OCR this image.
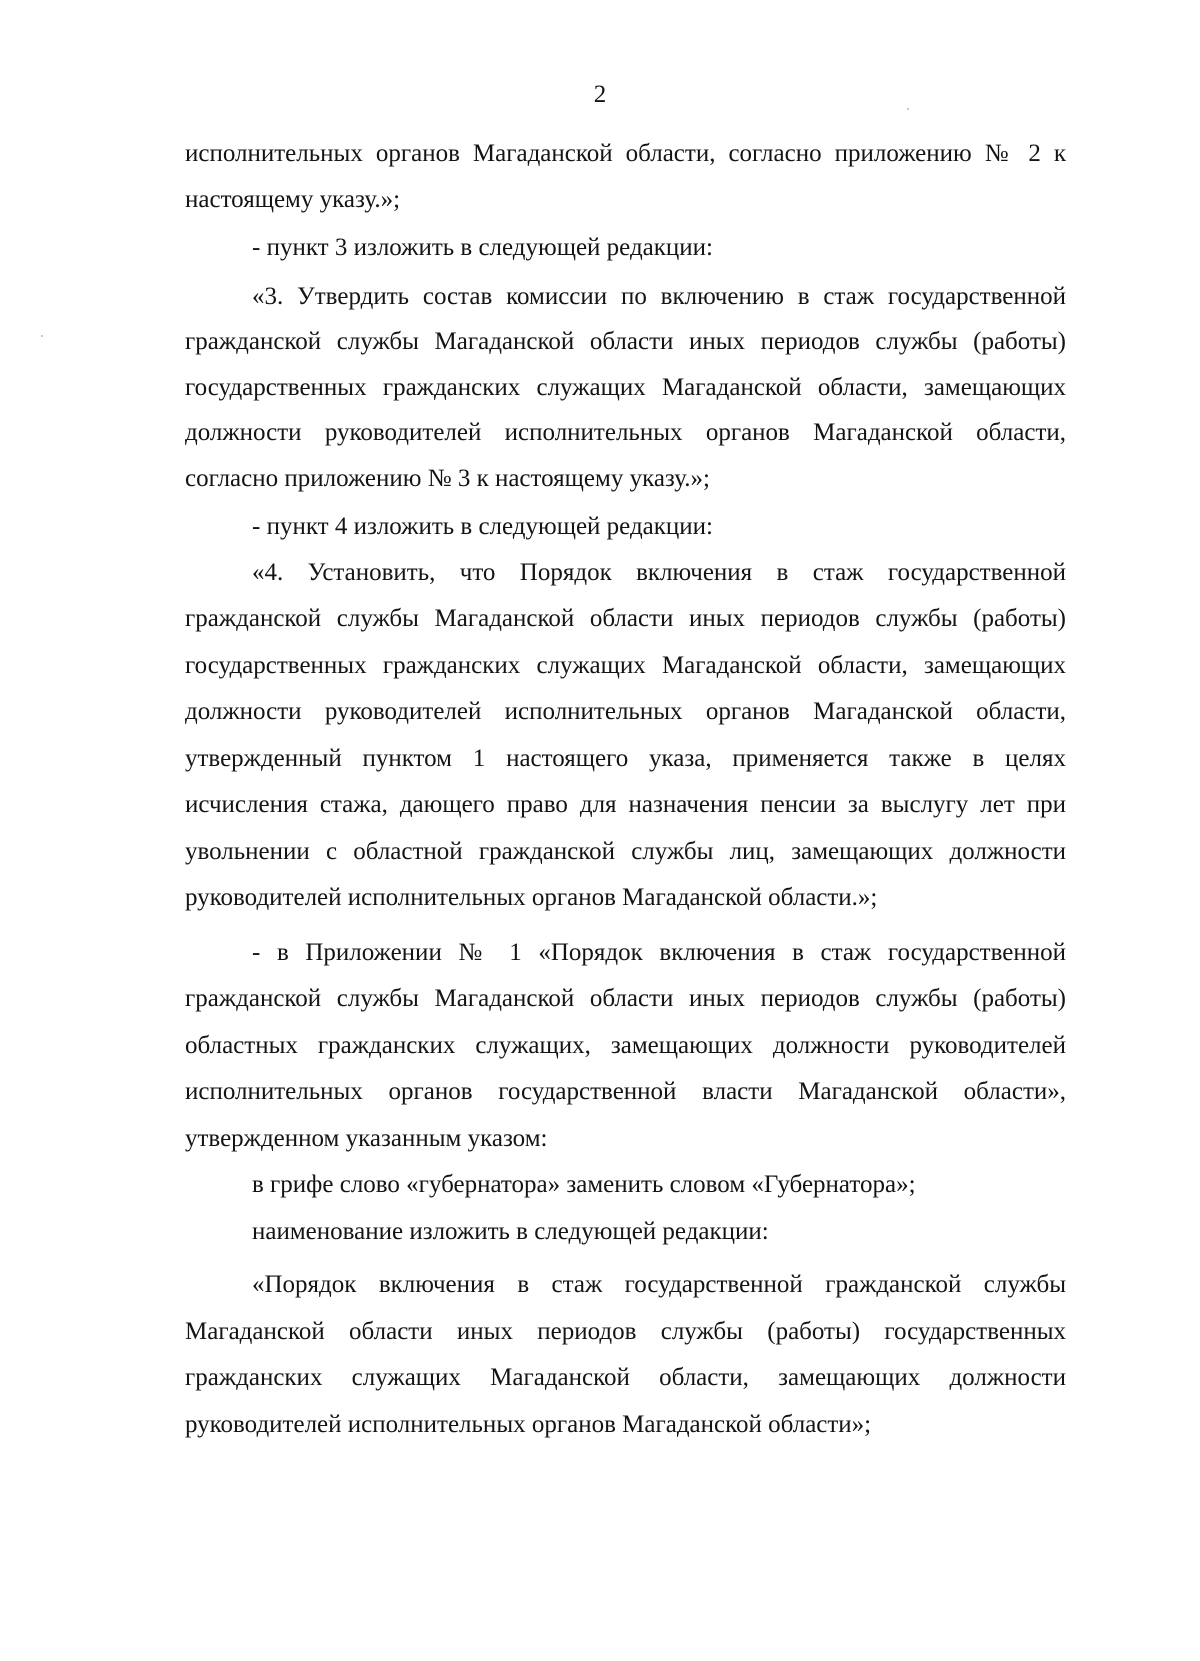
2

исполнительных органов Магаданской области, согласно приложению № 2 к настоящему указу.»;

- пункт 3 изложить в следующей редакции:

«3. Утвердить состав комиссии по включению в стаж государственной гражданской службы Магаданской области иных периодов службы (работы) государственных гражданских служащих Магаданской области, замещающих должности руководителей исполнительных органов Магаданской области, согласно приложению № 3 к настоящему указу.»;

- пункт 4 изложить в следующей редакции:

«4. Установить, что Порядок включения в стаж государственной гражданской службы Магаданской области иных периодов службы (работы) государственных гражданских служащих Магаданской области, замещающих должности руководителей исполнительных органов Магаданской области, утвержденный пунктом 1 настоящего указа, применяется также в целях исчисления стажа, дающего право для назначения пенсии за выслугу лет при увольнении с областной гражданской службы лиц, замещающих должности руководителей исполнительных органов Магаданской области.»;

- в Приложении № 1 «Порядок включения в стаж государственной гражданской службы Магаданской области иных периодов службы (работы) областных гражданских служащих, замещающих должности руководителей исполнительных органов государственной власти Магаданской области», утвержденном указанным указом:

в грифе слово «губернатора» заменить словом «Губернатора»;

наименование изложить в следующей редакции:

«Порядок включения в стаж государственной гражданской службы Магаданской области иных периодов службы (работы) государственных гражданских служащих Магаданской области, замещающих должности руководителей исполнительных органов Магаданской области»;
